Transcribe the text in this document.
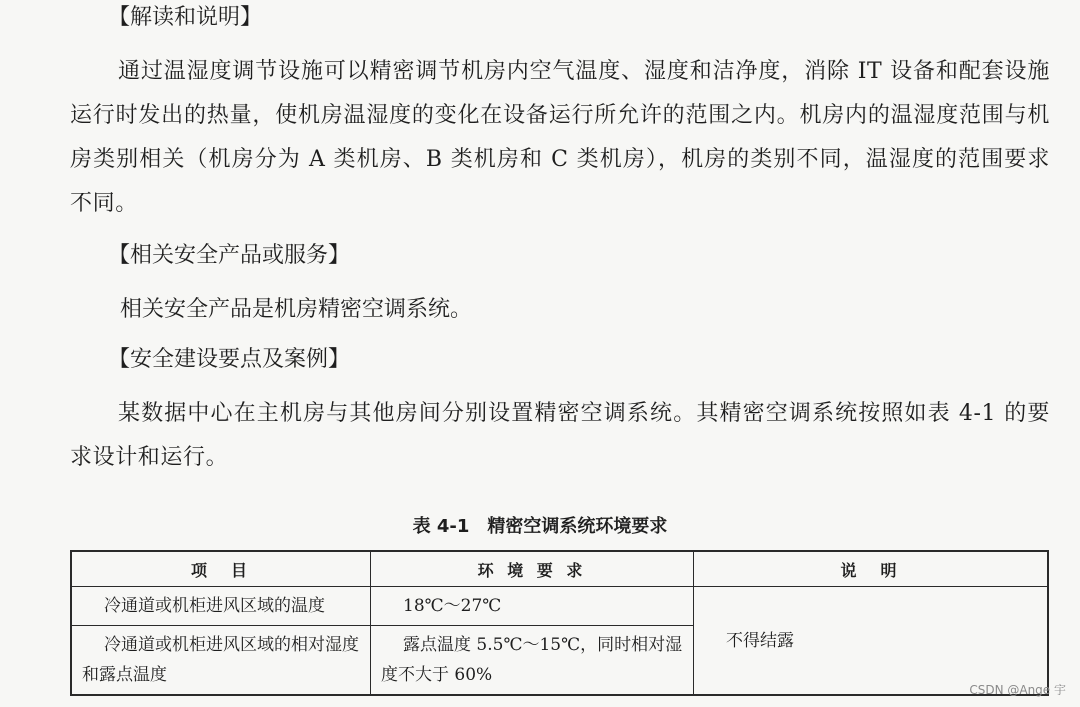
【解读和说明】
通过温湿度调节设施可以精密调节机房内空气温度、湿度和洁净度，消除 IT 设备和配套设施运行时发出的热量，使机房温湿度的变化在设备运行所允许的范围之内。机房内的温湿度范围与机房类别相关（机房分为 A 类机房、B 类机房和 C 类机房），机房的类别不同，温湿度的范围要求不同。
【相关安全产品或服务】
相关安全产品是机房精密空调系统。
【安全建设要点及案例】
某数据中心在主机房与其他房间分别设置精密空调系统。其精密空调系统按照如表 4-1 的要求设计和运行。
表 4-1　精密空调系统环境要求
项　目	环 境 要 求	说　明
冷通道或机柜进风区域的温度	18℃～27℃	不得结露
冷通道或机柜进风区域的相对湿度和露点温度	露点温度 5.5℃～15℃，同时相对湿度不大于 60%	
CSDN @Ange 宇
